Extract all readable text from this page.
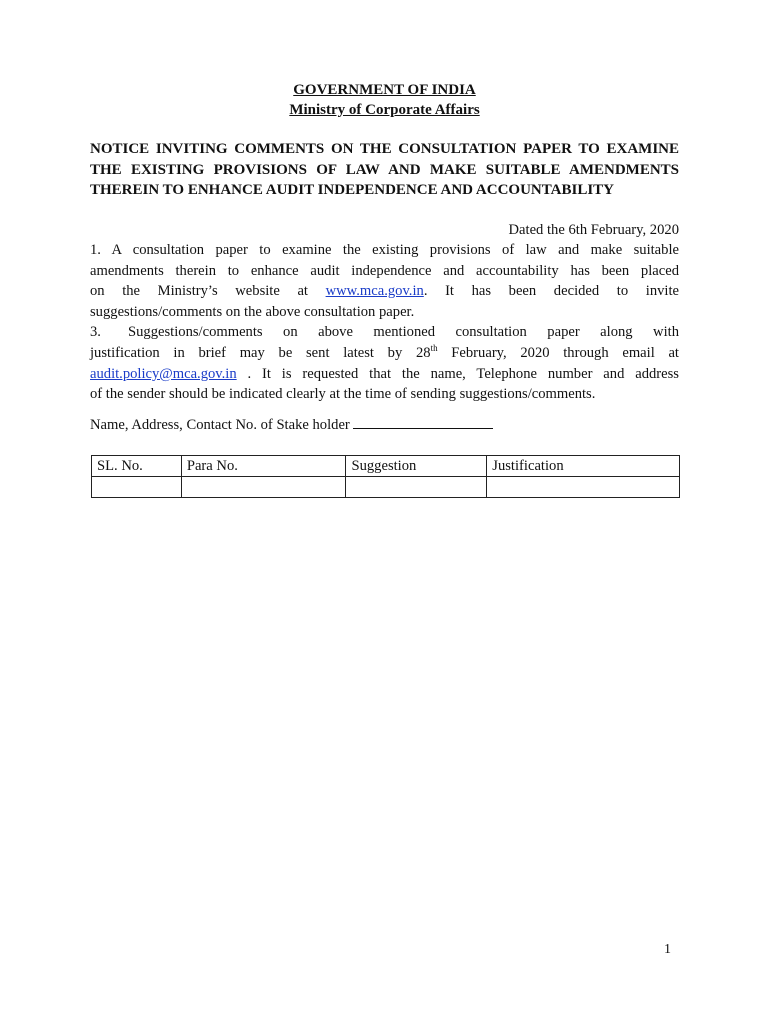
GOVERNMENT OF INDIA

Ministry of Corporate Affairs

NOTICE INVITING COMMENTS ON THE CONSULTATION PAPER TO EXAMINE
THE EXISTING PROVISIONS OF LAW AND MAKE SUITABLE AMENDMENTS
THEREIN TO ENHANCE AUDIT INDEPENDENCE AND ACCOUNTABILITY

Dated the 6th February, 2020

1. A consultation paper to examine the existing provisions of law and make suitable
amendments therein to enhance audit independence and accountability has been placed
on the Ministry’s website at www.mca.gov.in. It has been decided to invite
suggestions/comments on the above consultation paper.
3. Suggestions/comments on above mentioned consultation paper along with
justification in brief may be sent latest by 28th February, 2020 through email at
audit.policy@mca.gov.in . It is requested that the name, Telephone number and address
of the sender should be indicated clearly at the time of sending suggestions/comments.

Name, Address, Contact No. of Stake holder

SL. No.	Para No.	Suggestion	Justification

1
